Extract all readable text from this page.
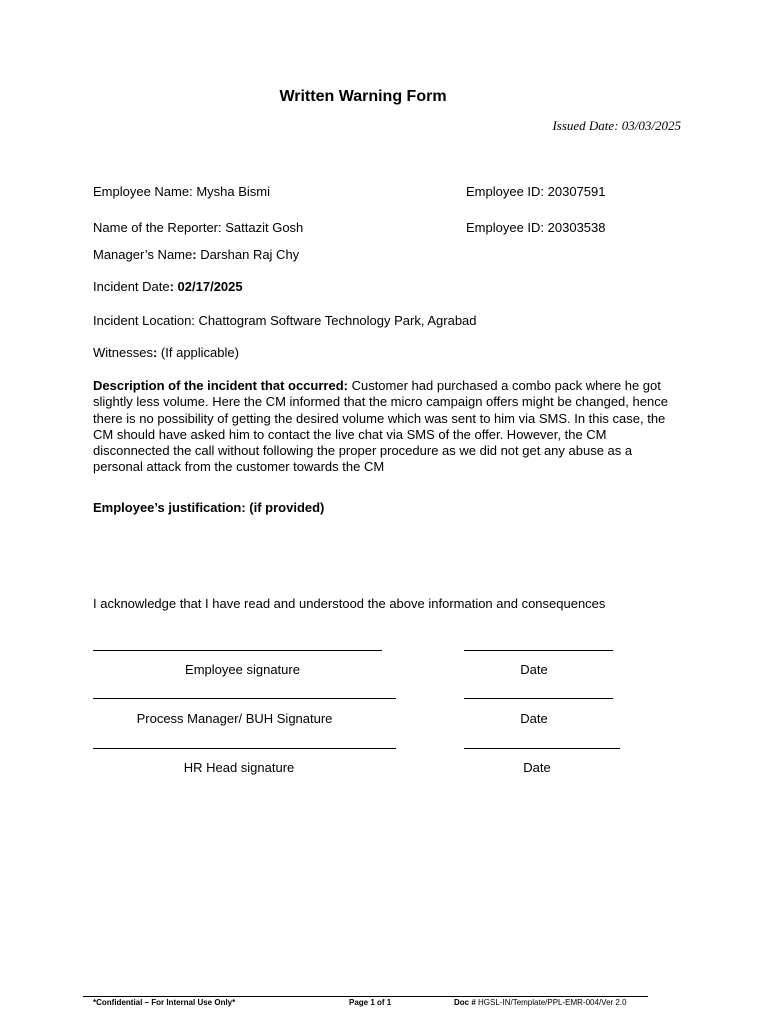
Written Warning Form
Issued Date: 03/03/2025
Employee Name: Mysha Bismi	Employee ID: 20307591
Name of the Reporter: Sattazit Gosh	Employee ID: 20303538
Manager’s Name: Darshan Raj Chy
Incident Date: 02/17/2025
Incident Location: Chattogram Software Technology Park, Agrabad
Witnesses: (If applicable)
Description of the incident that occurred: Customer had purchased a combo pack where he got slightly less volume. Here the CM informed that the micro campaign offers might be changed, hence there is no possibility of getting the desired volume which was sent to him via SMS. In this case, the CM should have asked him to contact the live chat via SMS of the offer. However, the CM disconnected the call without following the proper procedure as we did not get any abuse as a personal attack from the customer towards the CM
Employee’s justification: (if provided)
I acknowledge that I have read and understood the above information and consequences
Employee signature	Date
Process Manager/ BUH Signature	Date
HR Head signature	Date
*Confidential – For Internal Use Only*	Page 1 of 1	Doc # HGSL-IN/Template/PPL-EMR-004/Ver 2.0
